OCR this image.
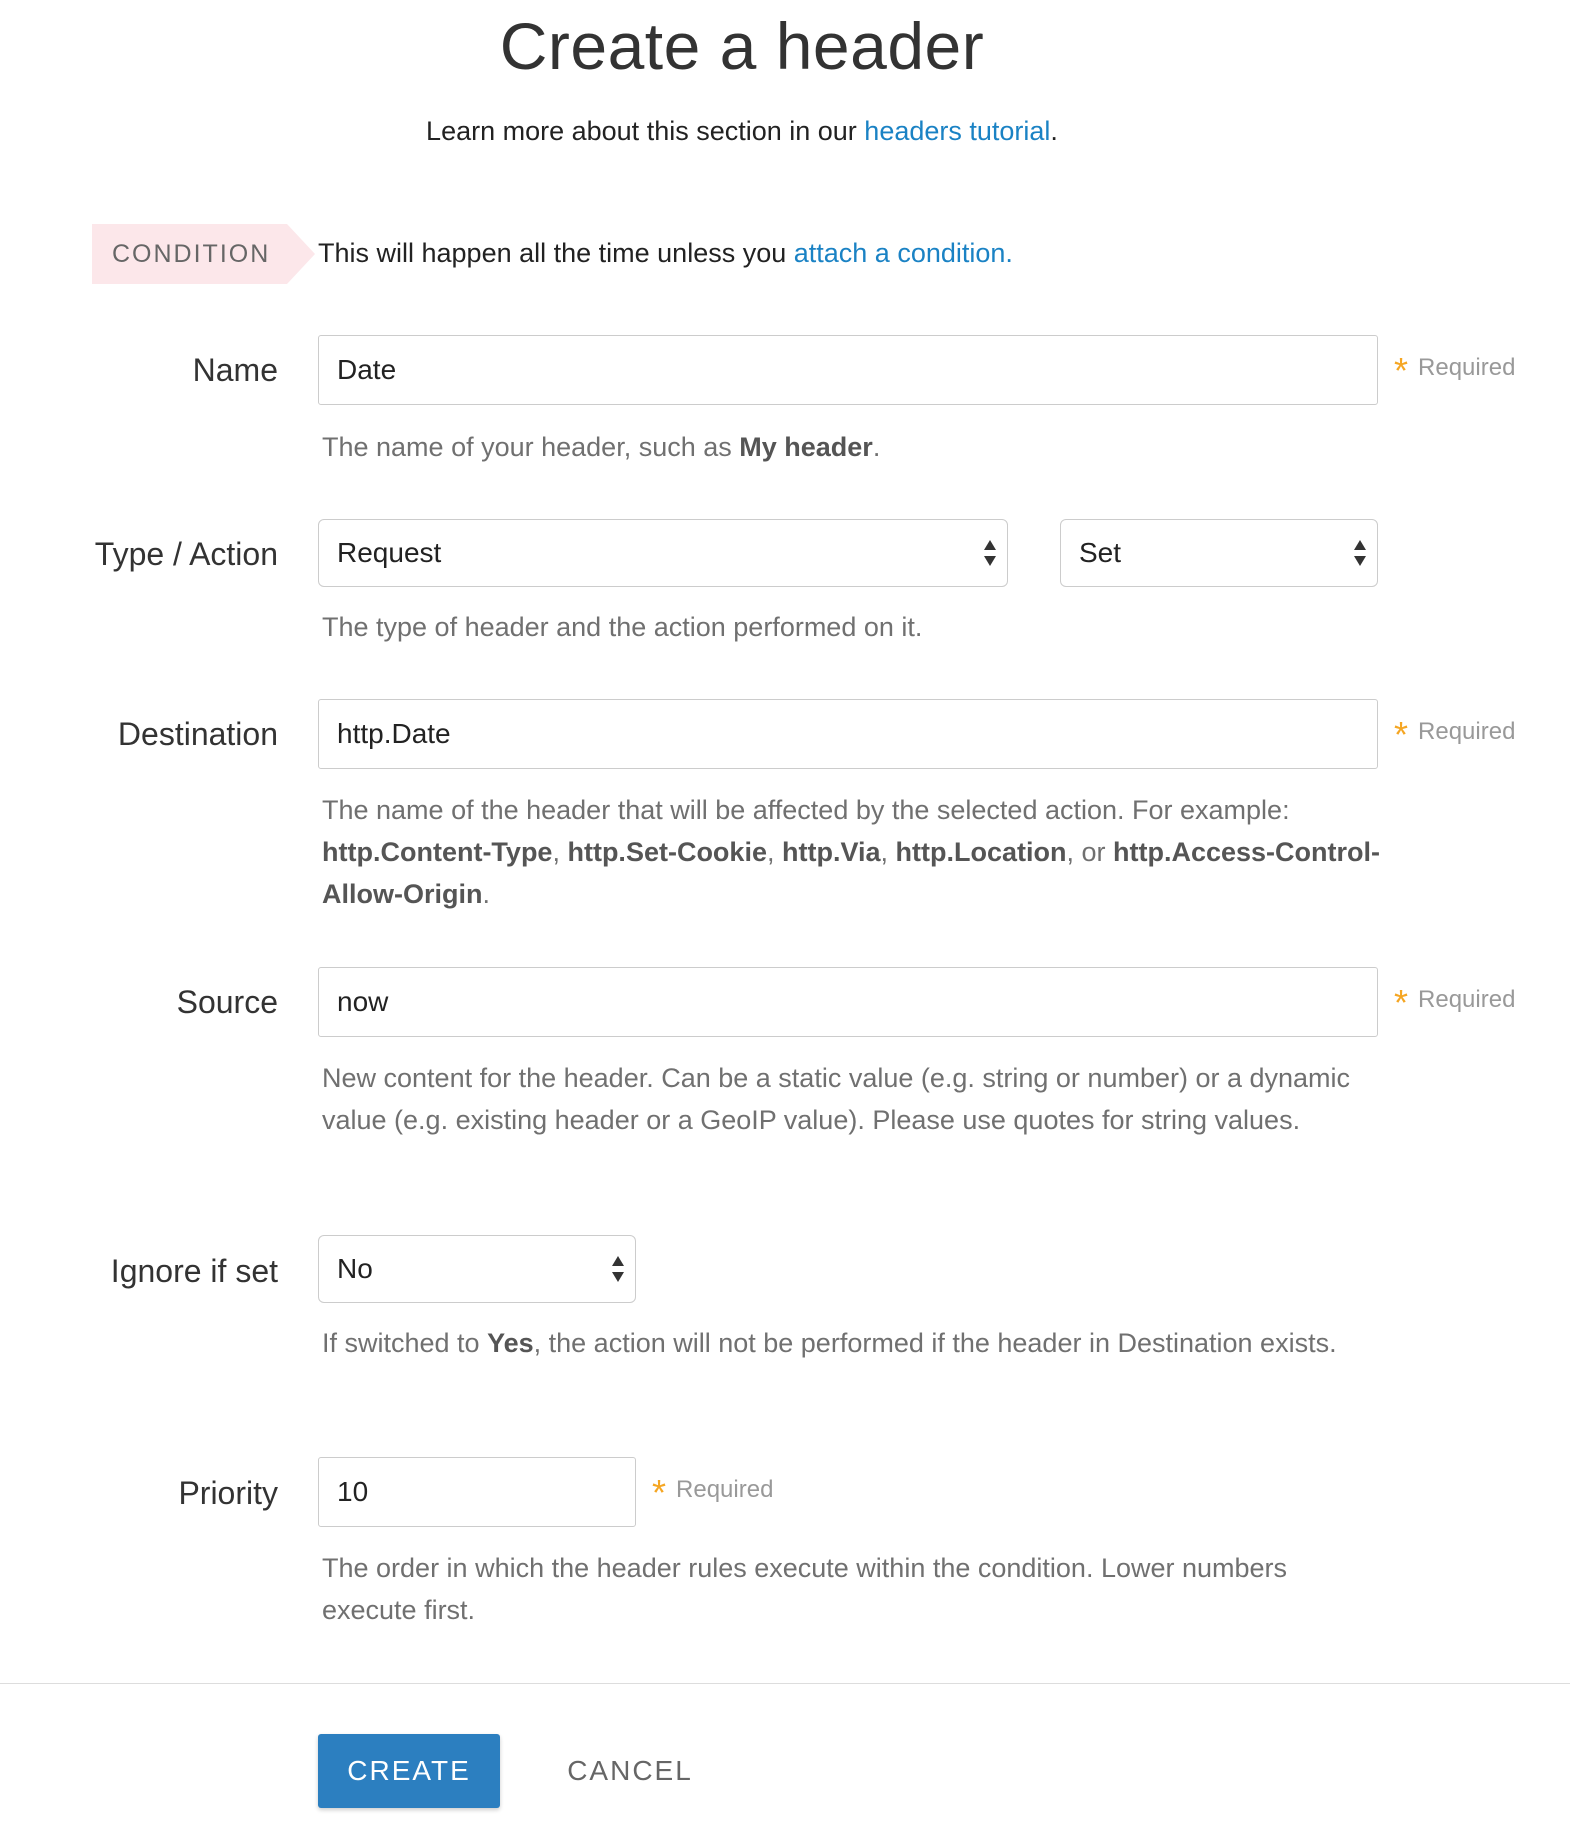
Create a header
Learn more about this section in our headers tutorial.
CONDITION	This will happen all the time unless you attach a condition.
Name	Date	* Required
The name of your header, such as My header.
Type / Action	Request	Set
The type of header and the action performed on it.
Destination	http.Date	* Required
The name of the header that will be affected by the selected action. For example: http.Content-Type, http.Set-Cookie, http.Via, http.Location, or http.Access-Control-Allow-Origin.
Source	now	* Required
New content for the header. Can be a static value (e.g. string or number) or a dynamic value (e.g. existing header or a GeoIP value). Please use quotes for string values.
Ignore if set	No
If switched to Yes, the action will not be performed if the header in Destination exists.
Priority	10	* Required
The order in which the header rules execute within the condition. Lower numbers execute first.
CREATE	CANCEL
